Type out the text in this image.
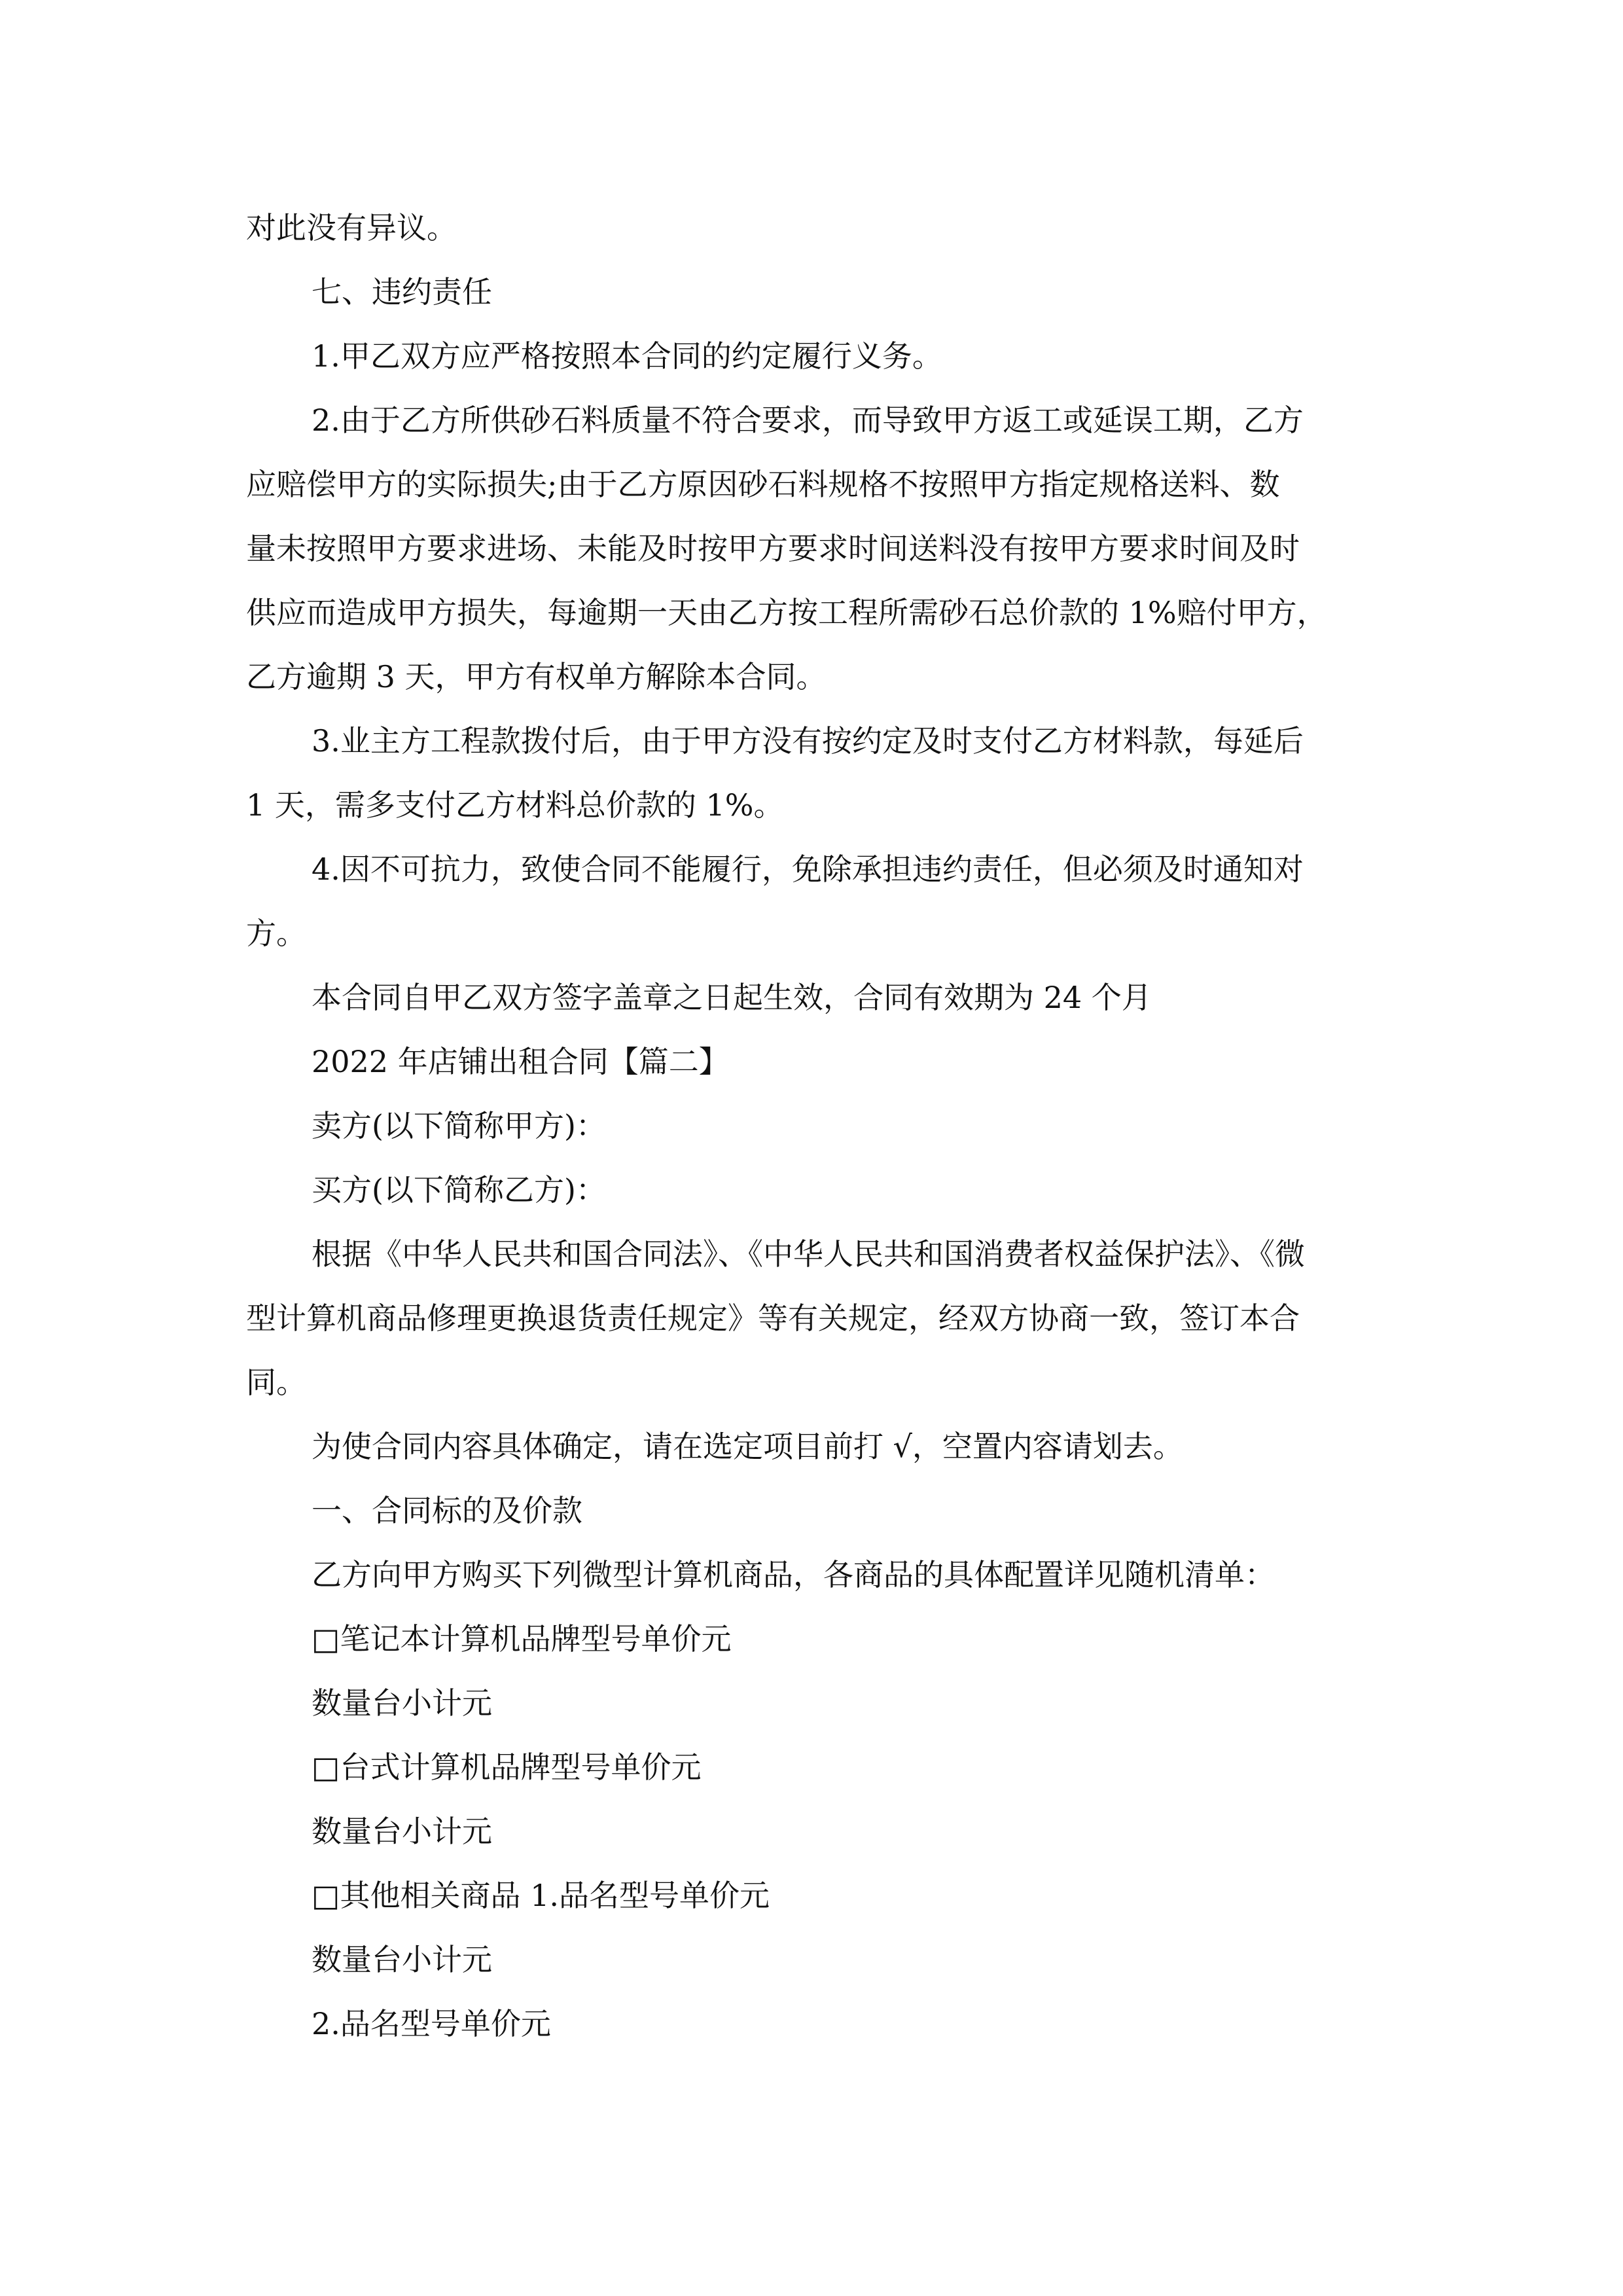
对此没有异议。
七、违约责任
1.甲乙双方应严格按照本合同的约定履行义务。
2.由于乙方所供砂石料质量不符合要求，而导致甲方返工或延误工期，乙方
应赔偿甲方的实际损失;由于乙方原因砂石料规格不按照甲方指定规格送料、数
量未按照甲方要求进场、未能及时按甲方要求时间送料没有按甲方要求时间及时
供应而造成甲方损失，每逾期一天由乙方按工程所需砂石总价款的 1%赔付甲方，
乙方逾期 3 天，甲方有权单方解除本合同。
3.业主方工程款拨付后，由于甲方没有按约定及时支付乙方材料款，每延后
1 天，需多支付乙方材料总价款的 1%。
4.因不可抗力，致使合同不能履行，免除承担违约责任，但必须及时通知对
方。
本合同自甲乙双方签字盖章之日起生效，合同有效期为 24 个月
2022 年店铺出租合同【篇二】
卖方(以下简称甲方)：
买方(以下简称乙方)：
根据《中华人民共和国合同法》、《中华人民共和国消费者权益保护法》、《微
型计算机商品修理更换退货责任规定》等有关规定，经双方协商一致，签订本合
同。
为使合同内容具体确定，请在选定项目前打 √，空置内容请划去。
一、合同标的及价款
乙方向甲方购买下列微型计算机商品，各商品的具体配置详见随机清单：
□笔记本计算机品牌型号单价元
数量台小计元
□台式计算机品牌型号单价元
数量台小计元
□其他相关商品 1.品名型号单价元
数量台小计元
2.品名型号单价元
